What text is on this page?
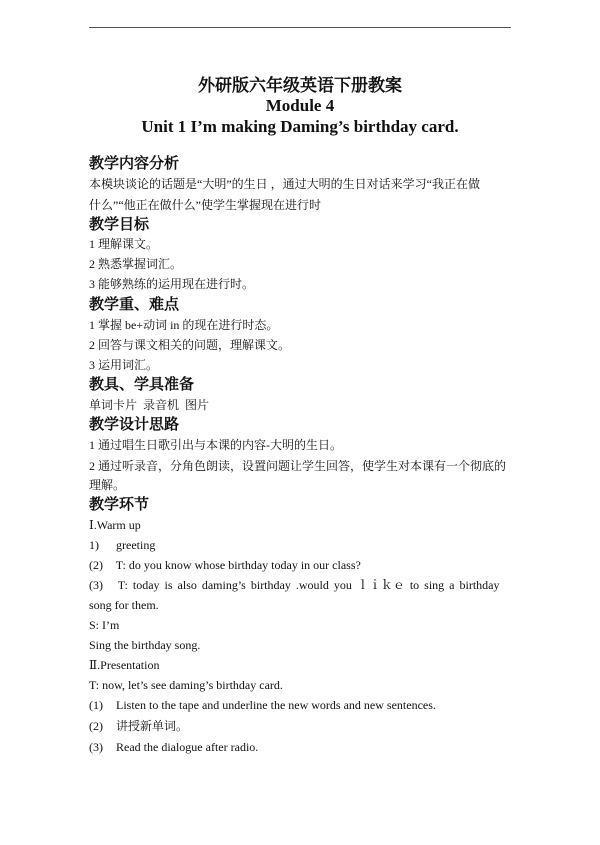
外研版六年级英语下册教案
Module 4
Unit 1 I’m making Daming’s birthday card.
教学内容分析
本模块谈论的话题是“大明”的生日 ，通过大明的生日对话来学习“我正在做
什么”“他正在做什么”使学生掌握现在进行时
教学目标
1 理解课文。
2 熟悉掌握词汇。
3 能够熟练的运用现在进行时。
教学重、难点
1 掌握 be+动词 in 的现在进行时态。
2 回答与课文相关的问题，理解课文。
3 运用词汇。
教具、学具准备
单词卡片  录音机  图片
教学设计思路
1 通过唱生日歌引出与本课的内容-大明的生日。
2 通过听录音，分角色朗读，设置问题让学生回答，使学生对本课有一个彻底的
理解。
教学环节
Ⅰ.Warm up
1) greeting
(2) T: do you know whose birthday today in our class?
(3) T: today is also daming’s birthday .would you ｌｉｋｅ to sing a birthday
song for them.
S: I’m
Sing the birthday song.
Ⅱ.Presentation
T: now, let’s see daming’s birthday card.
(1) Listen to the tape and underline the new words and new sentences.
(2) 讲授新单词。
(3) Read the dialogue after radio.
